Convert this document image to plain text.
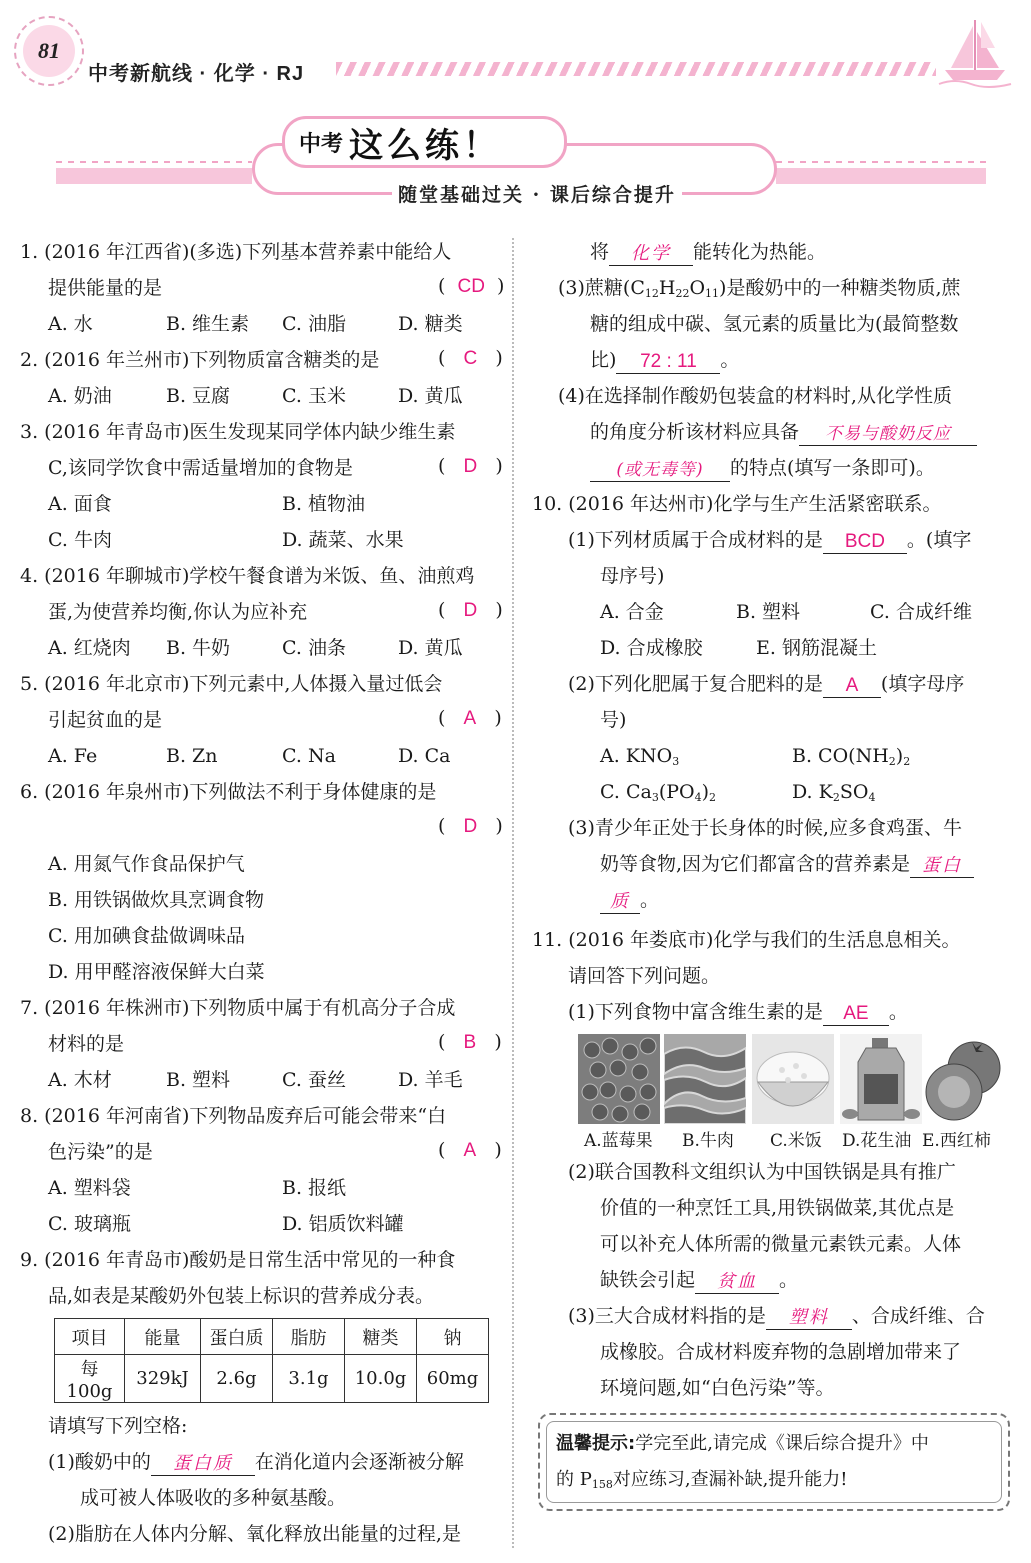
81
中考新航线 · 化学 · RJ
中考 这么练！
随堂基础过关 · 课后综合提升
1. (2016 年江西省)(多选)下列基本营养素中能给人
提供能量的是	(  CD  )
A. 水	B. 维生素 C. 油脂	D. 糖类
2. (2016 年兰州市)下列物质富含糖类的是	(   C   )
A. 奶油	B. 豆腐	C. 玉米	D. 黄瓜
3. (2016 年青岛市)医生发现某同学体内缺少维生素
C,该同学饮食中需适量增加的食物是	(   D   )
A. 面食	B. 植物油
C. 牛肉	D. 蔬菜、水果
4. (2016 年聊城市)学校午餐食谱为米饭、鱼、油煎鸡
蛋,为使营养均衡,你认为应补充	(   D   )
A. 红烧肉 B. 牛奶	C. 油条	D. 黄瓜
5. (2016 年北京市)下列元素中,人体摄入量过低会
引起贫血的是	(   A   )
A. Fe	B. Zn	C. Na	D. Ca
6. (2016 年泉州市)下列做法不利于身体健康的是
(   D   )
A. 用氮气作食品保护气
B. 用铁锅做炊具烹调食物
C. 用加碘食盐做调味品
D. 用甲醛溶液保鲜大白菜
7. (2016 年株洲市)下列物质中属于有机高分子合成
材料的是	(   B   )
A. 木材	B. 塑料	C. 蚕丝	D. 羊毛
8. (2016 年河南省)下列物品废弃后可能会带来“白
色污染”的是	(   A   )
A. 塑料袋	B. 报纸
C. 玻璃瓶	D. 铝质饮料罐
9. (2016 年青岛市)酸奶是日常生活中常见的一种食
品,如表是某酸奶外包装上标识的营养成分表。
项目	能量	蛋白质	脂肪	糖类	钠
每 100g	329kJ	2.6g	3.1g	10.0g	60mg
请填写下列空格:
(1)酸奶中的 蛋白质 在消化道内会逐渐被分解
成可被人体吸收的多种氨基酸。
(2)脂肪在人体内分解、氧化释放出能量的过程,是
将 化学 能转化为热能。
(3)蔗糖$(C_{12}H_{22}O_{11})$是酸奶中的一种糖类物质,蔗
糖的组成中碳、氢元素的质量比为(最简整数
比) 72 : 11 。
(4)在选择制作酸奶包装盒的材料时,从化学性质
的角度分析该材料应具备 不易与酸奶反应
(或无毒等) 的特点(填写一条即可)。
10. (2016 年达州市)化学与生产生活紧密联系。
(1)下列材质属于合成材料的是 BCD 。(填字
母序号)
A. 合金	B. 塑料	C. 合成纤维
D. 合成橡胶	E. 钢筋混凝土
(2)下列化肥属于复合肥料的是 A (填字母序
号)
A. $KNO_3$	B. $CO(NH_2)_2$
C. $Ca_3(PO_4)_2$	D. $K_2SO_4$
(3)青少年正处于长身体的时候,应多食鸡蛋、牛
奶等食物,因为它们都富含的营养素是 蛋白
质 。
11. (2016 年娄底市)化学与我们的生活息息相关。
请回答下列问题。
(1)下列食物中富含维生素的是 AE 。
A.蓝莓果 B.牛肉 C.米饭 D.花生油 E.西红柿
(2)联合国教科文组织认为中国铁锅是具有推广
价值的一种烹饪工具,用铁锅做菜,其优点是
可以补充人体所需的微量元素铁元素。人体
缺铁会引起 贫血 。
(3)三大合成材料指的是 塑料 、合成纤维、合
成橡胶。合成材料废弃物的急剧增加带来了
环境问题,如“白色污染”等。
温馨提示:学完至此,请完成《课后综合提升》中
的 $P_{158}$对应练习,查漏补缺,提升能力!
